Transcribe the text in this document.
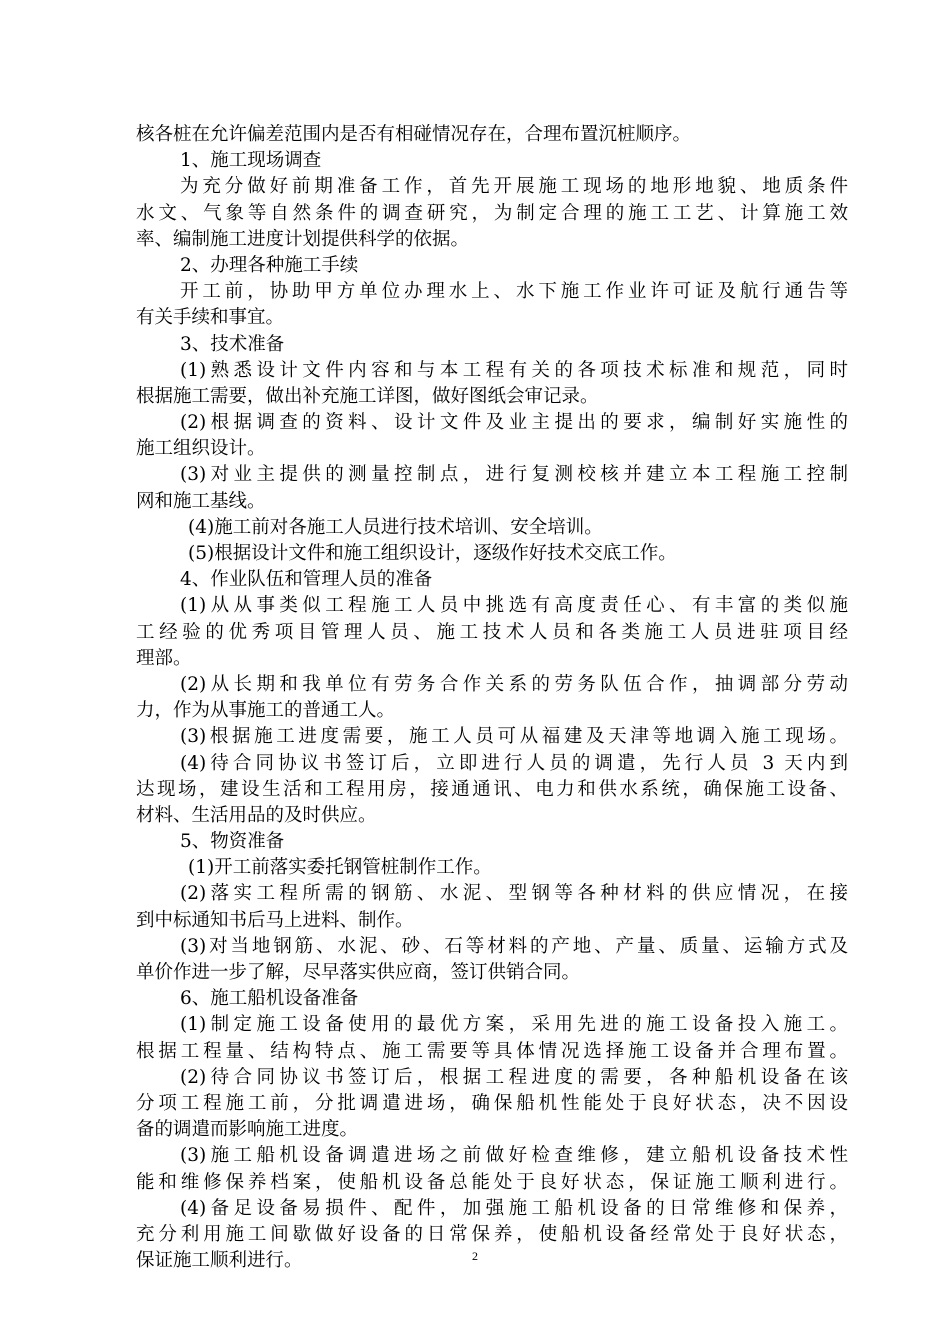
核各桩在允许偏差范围内是否有相碰情况存在，合理布置沉桩顺序。
1、施工现场调查
为充分做好前期准备工作，首先开展施工现场的地形地貌、地质条件
水文、气象等自然条件的调查研究，为制定合理的施工工艺、计算施工效
率、编制施工进度计划提供科学的依据。
2、办理各种施工手续
开工前，协助甲方单位办理水上、水下施工作业许可证及航行通告等
有关手续和事宜。
3、技术准备
(1)熟悉设计文件内容和与本工程有关的各项技术标准和规范，同时
根据施工需要，做出补充施工详图，做好图纸会审记录。
(2)根据调查的资料、设计文件及业主提出的要求，编制好实施性的
施工组织设计。
(3)对业主提供的测量控制点，进行复测校核并建立本工程施工控制
网和施工基线。
(4)施工前对各施工人员进行技术培训、安全培训。
(5)根据设计文件和施工组织设计，逐级作好技术交底工作。
4、作业队伍和管理人员的准备
(1)从从事类似工程施工人员中挑选有高度责任心、有丰富的类似施
工经验的优秀项目管理人员、施工技术人员和各类施工人员进驻项目经
理部。
(2)从长期和我单位有劳务合作关系的劳务队伍合作，抽调部分劳动
力，作为从事施工的普通工人。
(3)根据施工进度需要，施工人员可从福建及天津等地调入施工现场。
(4)待合同协议书签订后，立即进行人员的调遣，先行人员 3 天内到
达现场，建设生活和工程用房，接通通讯、电力和供水系统，确保施工设备、
材料、生活用品的及时供应。
5、物资准备
(1)开工前落实委托钢管桩制作工作。
(2)落实工程所需的钢筋、水泥、型钢等各种材料的供应情况，在接
到中标通知书后马上进料、制作。
(3)对当地钢筋、水泥、砂、石等材料的产地、产量、质量、运输方式及
单价作进一步了解，尽早落实供应商，签订供销合同。
6、施工船机设备准备
(1)制定施工设备使用的最优方案，采用先进的施工设备投入施工。
根据工程量、结构特点、施工需要等具体情况选择施工设备并合理布置。
(2)待合同协议书签订后，根据工程进度的需要，各种船机设备在该
分项工程施工前，分批调遣进场，确保船机性能处于良好状态，决不因设
备的调遣而影响施工进度。
(3)施工船机设备调遣进场之前做好检查维修，建立船机设备技术性
能和维修保养档案，使船机设备总能处于良好状态，保证施工顺利进行。
(4)备足设备易损件、配件，加强施工船机设备的日常维修和保养，
充分利用施工间歇做好设备的日常保养，使船机设备经常处于良好状态，
保证施工顺利进行。	2
